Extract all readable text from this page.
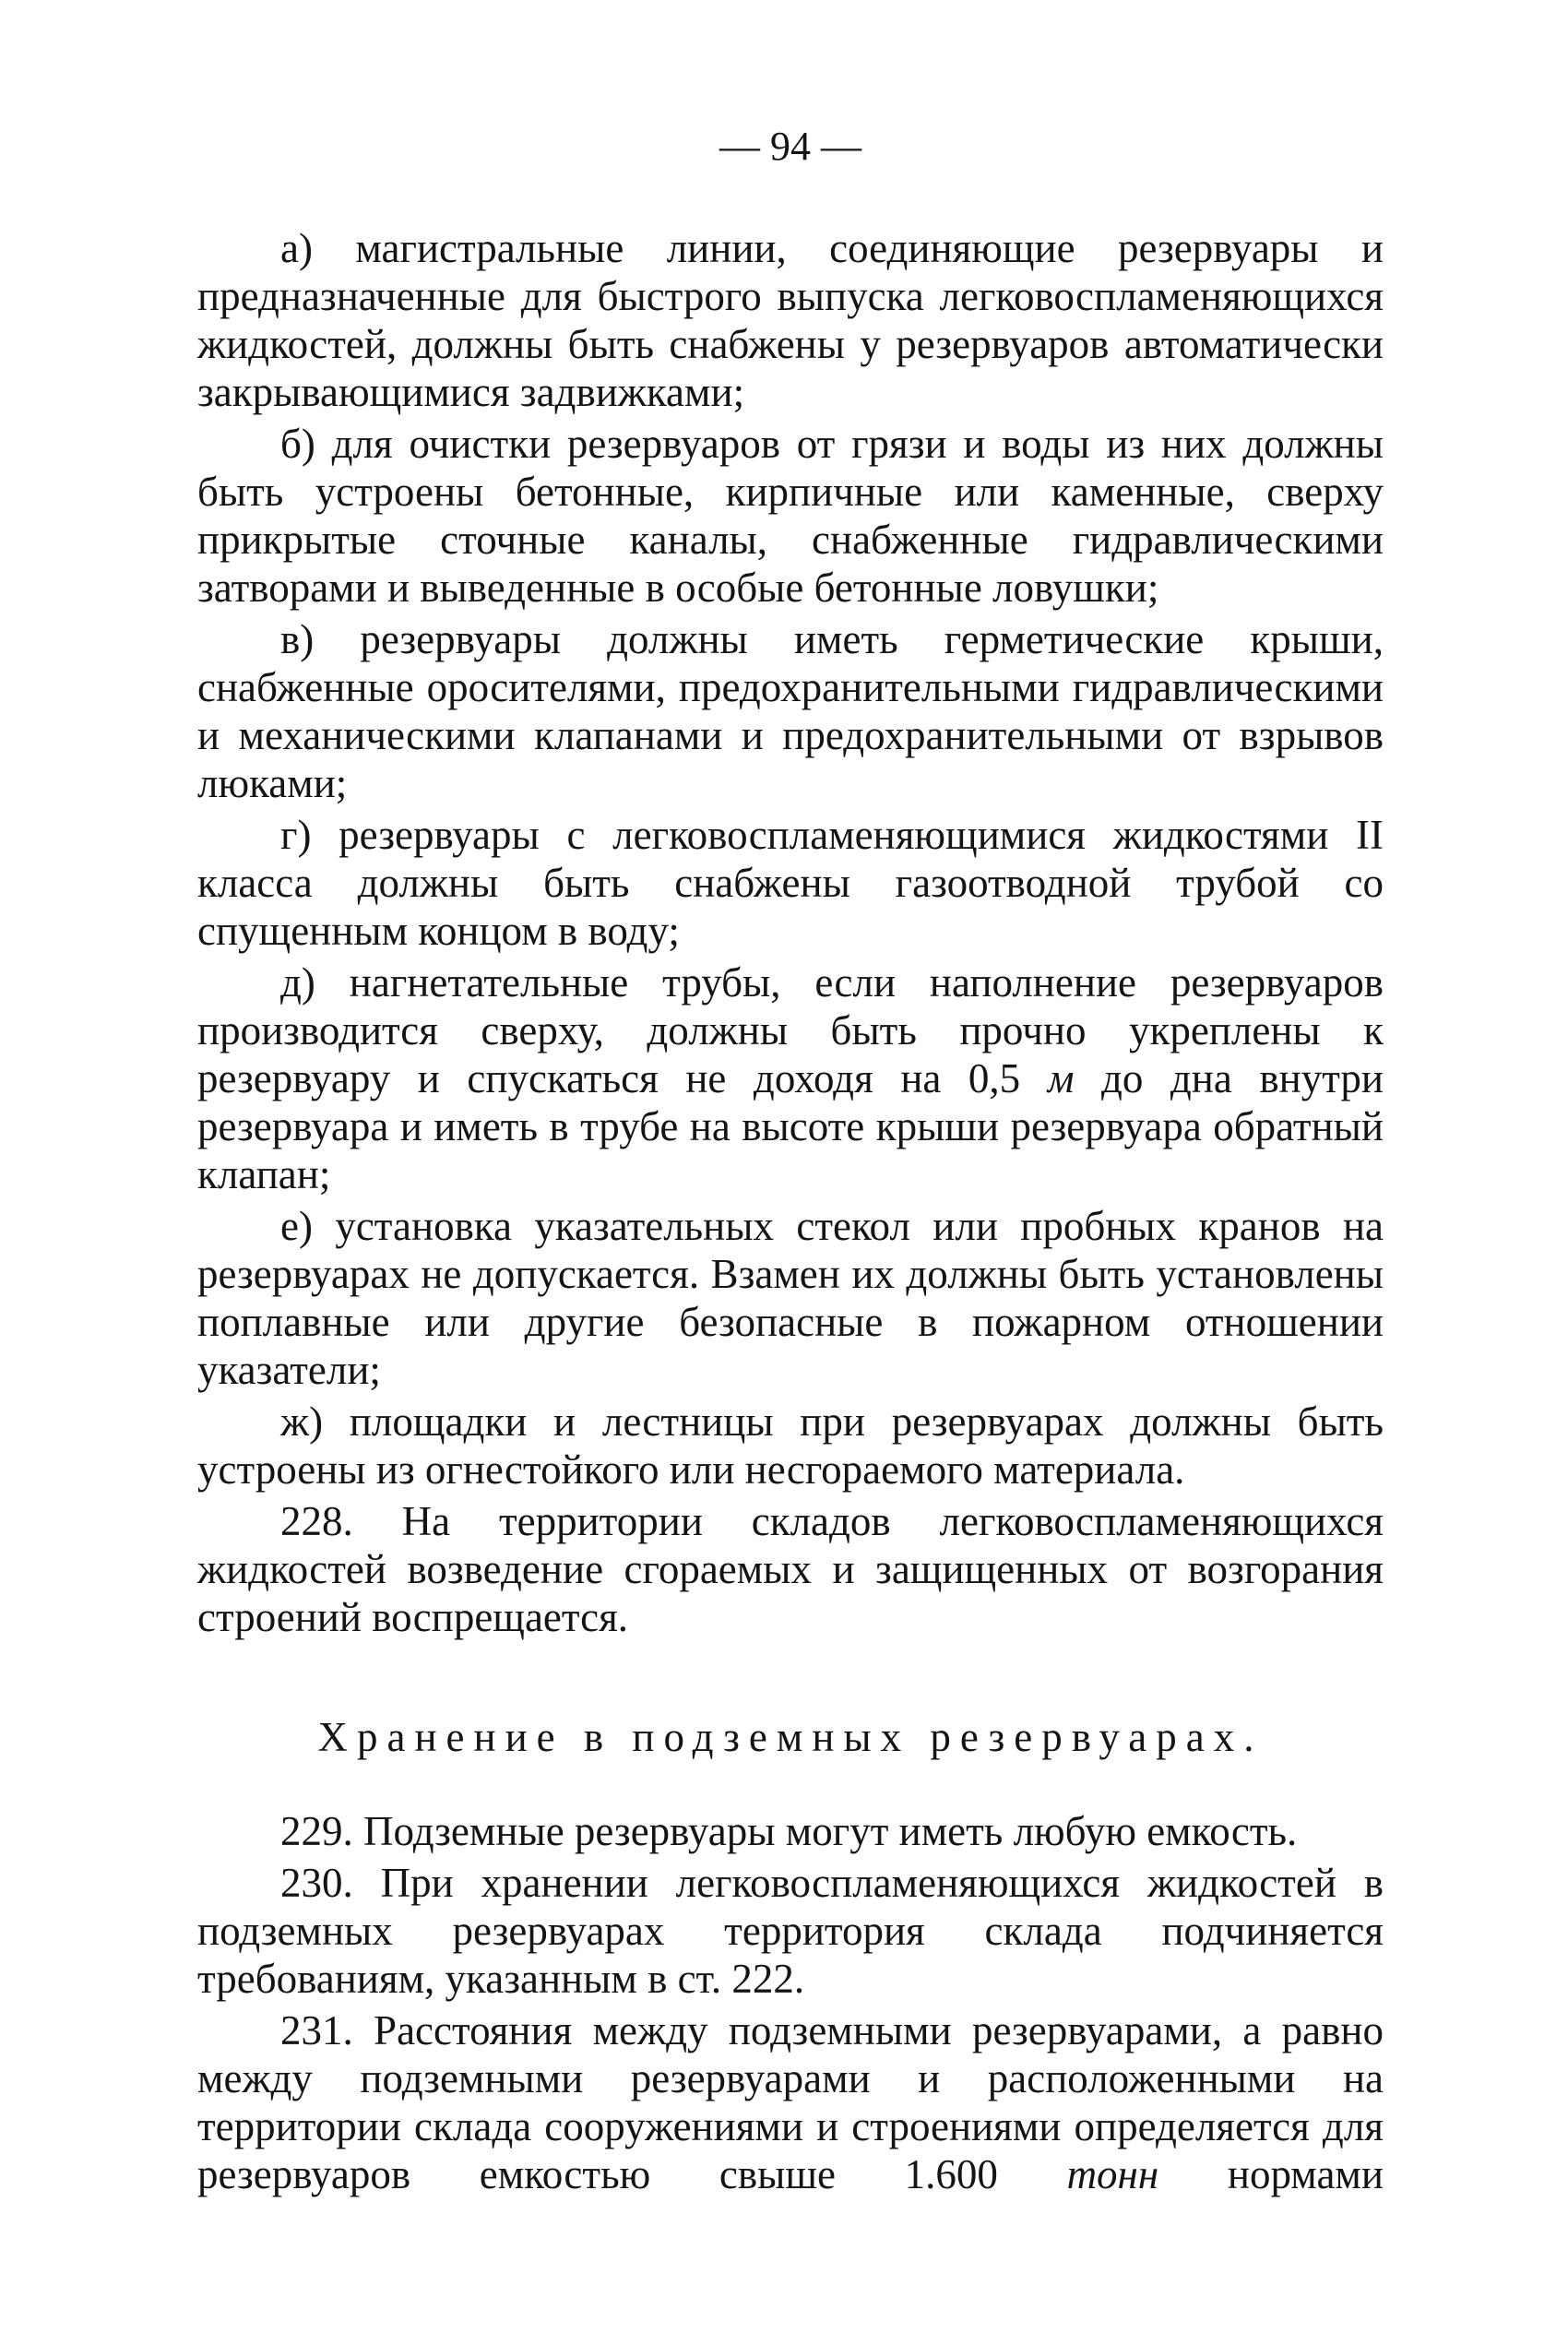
— 94 —

а) магистральные линии, соединяющие резервуары и предназначенные для быстрого выпуска легковоспламеняющихся жидкостей, должны быть снабжены у резервуаров автоматически закрывающимися задвижками;

б) для очистки резервуаров от грязи и воды из них должны быть устроены бетонные, кирпичные или каменные, сверху прикрытые сточные каналы, снабженные гидравлическими затворами и выведенные в особые бетонные ловушки;

в) резервуары должны иметь герметические крыши, снабженные оросителями, предохранительными гидравлическими и механическими клапанами и предохранительными от взрывов люками;

г) резервуары с легковоспламеняющимися жидкостями II класса должны быть снабжены газоотводной трубой со спущенным концом в воду;

д) нагнетательные трубы, если наполнение резервуаров производится сверху, должны быть прочно укреплены к резервуару и спускаться не доходя на 0,5 м до дна внутри резервуара и иметь в трубе на высоте крыши резервуара обратный клапан;

е) установка указательных стекол или пробных кранов на резервуарах не допускается. Взамен их должны быть установлены поплавные или другие безопасные в пожарном отношении указатели;

ж) площадки и лестницы при резервуарах должны быть устроены из огнестойкого или несгораемого материала.

228. На территории складов легковоспламеняющихся жидкостей возведение сгораемых и защищенных от возгорания строений воспрещается.

Хранение в подземных резервуарах.

229. Подземные резервуары могут иметь любую емкость.

230. При хранении легковоспламеняющихся жидкостей в подземных резервуарах территория склада подчиняется требованиям, указанным в ст. 222.

231. Расстояния между подземными резервуарами, а равно между подземными резервуарами и расположенными на территории склада сооружениями и строениями определяется для резервуаров емкостью свыше 1.600 тонн нормами
